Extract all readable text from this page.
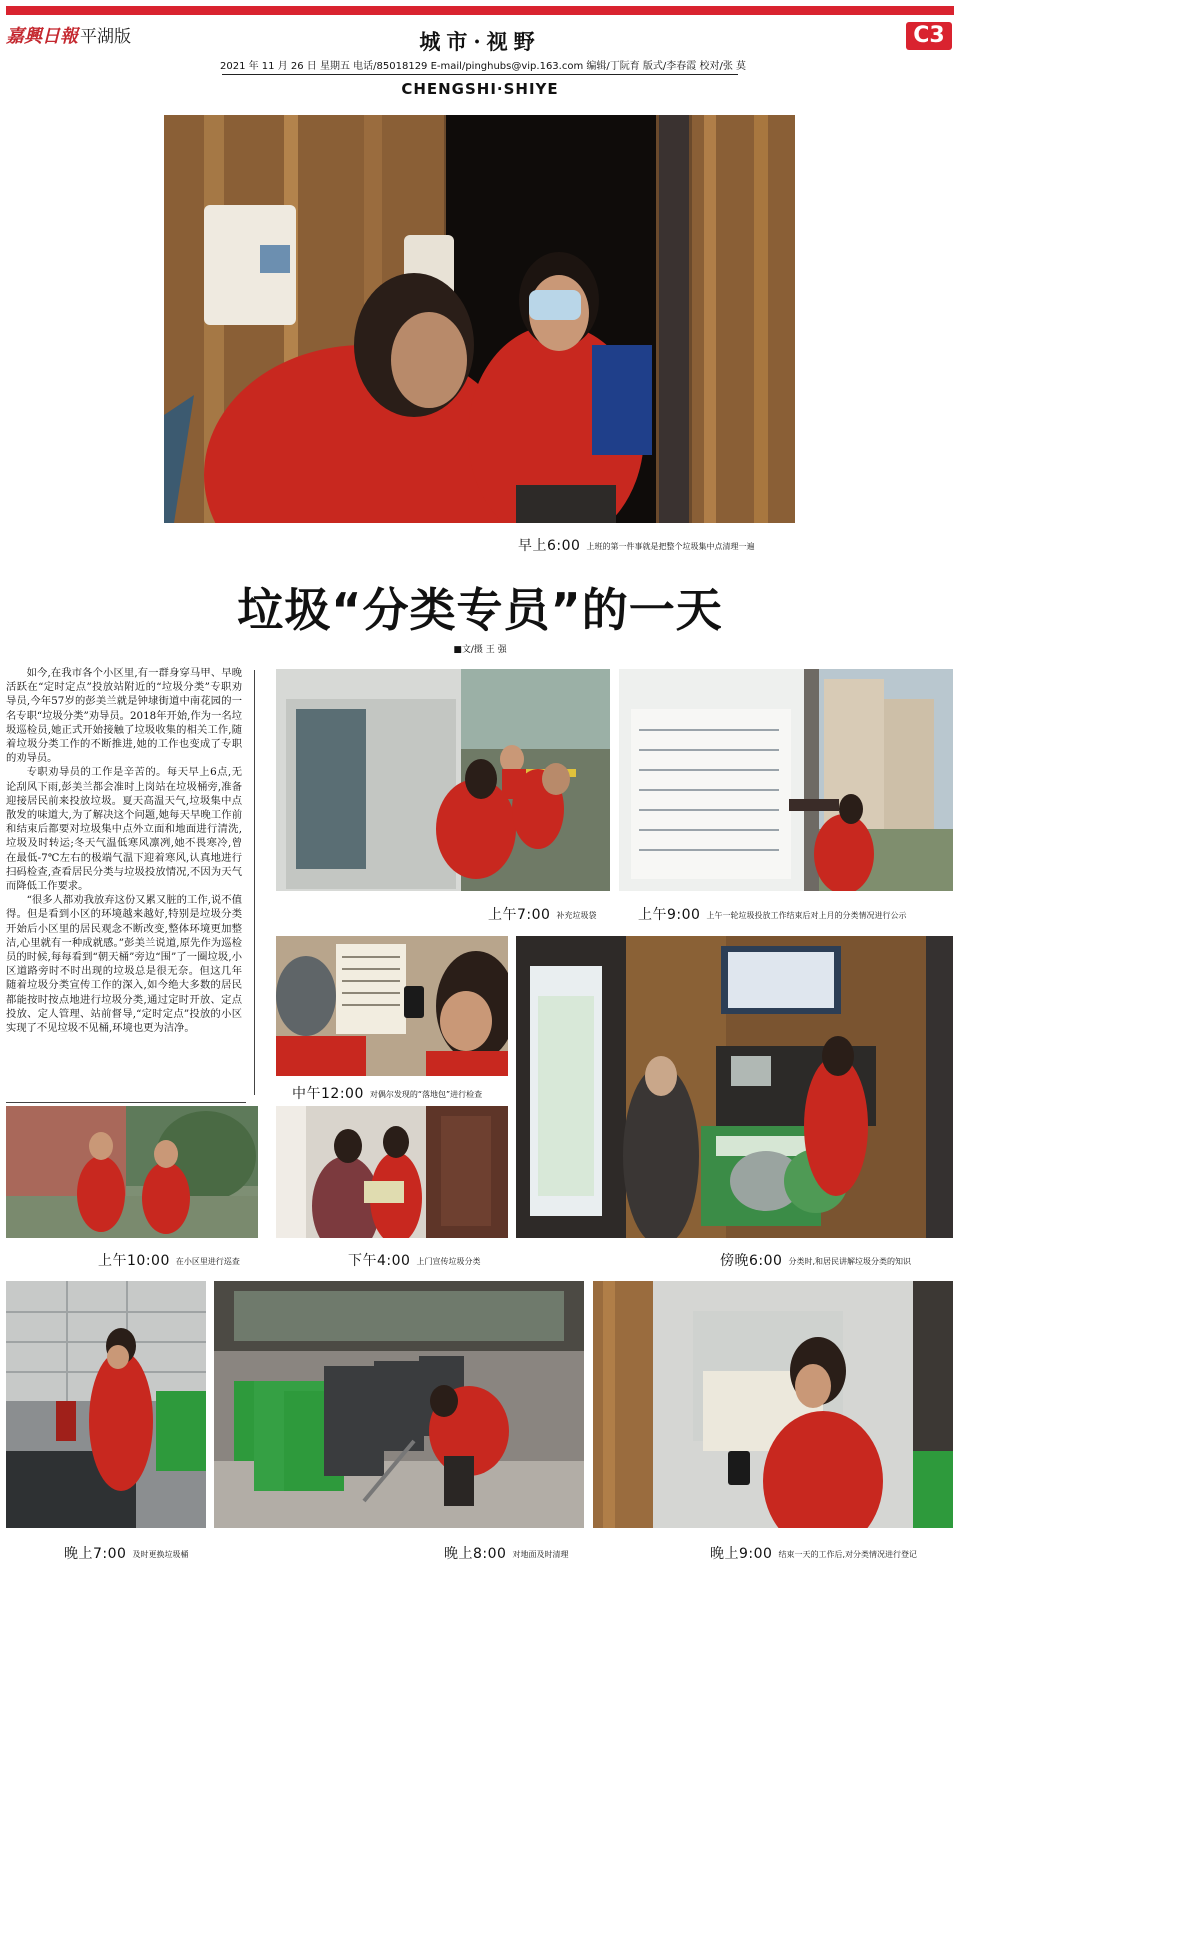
嘉興日報 平湖版	城市·视野	C3
2021 年 11 月 26 日 星期五 电话/85018129 E-mail/pinghubs@vip.163.com 编辑/丁阮育 版式/李春霞 校对/张 莫
CHENGSHI·SHIYE
早上6:00 上班的第一件事就是把整个垃圾集中点清理一遍
垃圾“分类专员”的一天
■文/摄 王 强

如今,在我市各个小区里,有一群身穿马甲、早晚活跃在“定时定点”投放站附近的“垃圾分类”专职劝导员,今年57岁的彭美兰就是钟埭街道中南花园的一名专职“垃圾分类”劝导员。2018年开始,作为一名垃圾巡检员,她正式开始接触了垃圾收集的相关工作,随着垃圾分类工作的不断推进,她的工作也变成了专职的劝导员。

专职劝导员的工作是辛苦的。每天早上6点,无论刮风下雨,彭美兰都会准时上岗站在垃圾桶旁,准备迎接居民前来投放垃圾。夏天高温天气,垃圾集中点散发的味道大,为了解决这个问题,她每天早晚工作前和结束后都要对垃圾集中点外立面和地面进行清洗,垃圾及时转运;冬天气温低寒风凛冽,她不畏寒冷,曾在最低-7℃左右的极端气温下迎着寒风,认真地进行扫码检查,查看居民分类与垃圾投放情况,不因为天气而降低工作要求。

“很多人都劝我放弃这份又累又脏的工作,说不值得。但是看到小区的环境越来越好,特别是垃圾分类开始后小区里的居民观念不断改变,整体环境更加整洁,心里就有一种成就感。”彭美兰说道,原先作为巡检员的时候,每每看到“朝天桶”旁边“围”了一圈垃圾,小区道路旁时不时出现的垃圾总是很无奈。但这几年随着垃圾分类宣传工作的深入,如今绝大多数的居民都能按时按点地进行垃圾分类,通过定时开放、定点投放、定人管理、站前督导,“定时定点”投放的小区实现了不见垃圾不见桶,环境也更为洁净。

上午7:00 补充垃圾袋	上午9:00 上午一轮垃圾投放工作结束后对上月的分类情况进行公示
中午12:00 对偶尔发现的“落地包”进行检查
傍晚6:00 分类时,和居民讲解垃圾分类的知识
上午10:00 在小区里进行巡查	下午4:00 上门宣传垃圾分类
晚上7:00 及时更换垃圾桶	晚上8:00 对地面及时清理	晚上9:00 结束一天的工作后,对分类情况进行登记
